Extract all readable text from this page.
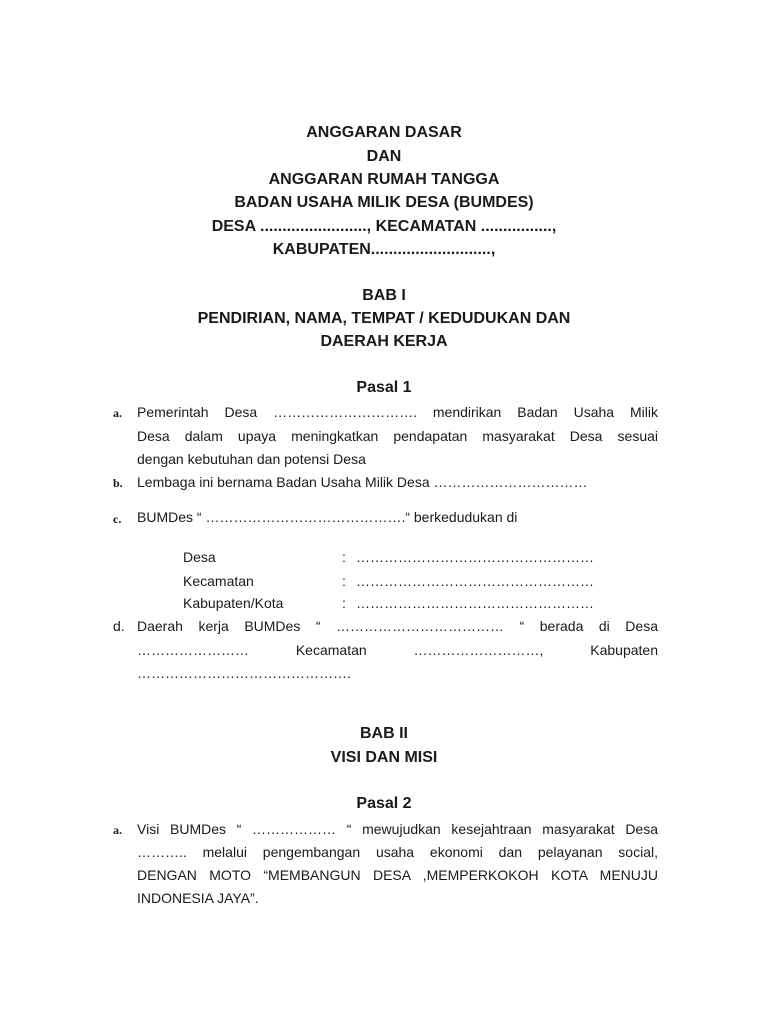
ANGGARAN DASAR
DAN
ANGGARAN RUMAH TANGGA
BADAN USAHA MILIK DESA (BUMDES)
DESA ........................, KECAMATAN ................,
KABUPATEN...........................,
BAB I
PENDIRIAN, NAMA, TEMPAT / KEDUDUKAN DAN
DAERAH KERJA
Pasal 1
a. Pemerintah Desa …………………………. mendirikan Badan Usaha Milik
Desa dalam upaya meningkatkan pendapatan masyarakat Desa sesuai
dengan kebutuhan dan potensi Desa
b. Lembaga ini bernama Badan Usaha Milik Desa ……………………………
c. BUMDes “ …………………………………….“ berkedudukan di
Desa	: ……………………………………………
Kecamatan	: ……………………………………………
Kabupaten/Kota	: ……………………………………………
d. Daerah kerja BUMDes “ ……………………………… “ berada di Desa
……………………	Kecamatan	………………………,	Kabupaten
……………………………………….
BAB II
VISI DAN MISI
Pasal 2
a. Visi BUMDes “ ……………… “ mewujudkan kesejahtraan masyarakat Desa
……….. melalui pengembangan usaha ekonomi dan pelayanan social,
DENGAN MOTO “MEMBANGUN DESA ,MEMPERKOKOH KOTA MENUJU
INDONESIA JAYA”.
